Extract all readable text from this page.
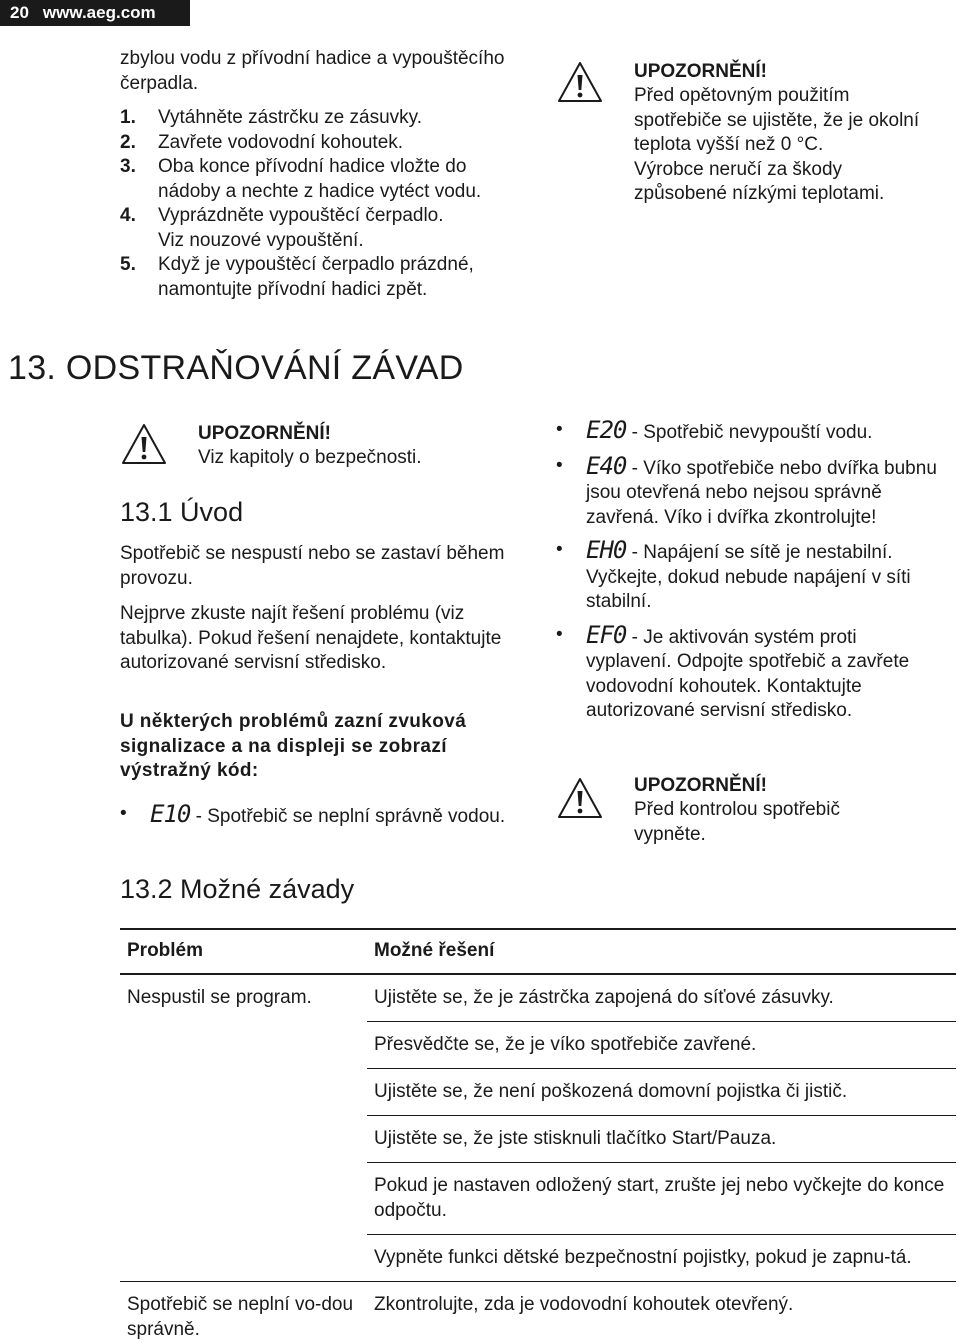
20 www.aeg.com
zbylou vodu z přívodní hadice a vypouštěcího čerpadla.
1. Vytáhněte zástrčku ze zásuvky.
2. Zavřete vodovodní kohoutek.
3. Oba konce přívodní hadice vložte do nádoby a nechte z hadice vytéct vodu.
4. Vyprázdněte vypouštěcí čerpadlo. Viz nouzové vypouštění.
5. Když je vypouštěcí čerpadlo prázdné, namontujte přívodní hadici zpět.
UPOZORNĚNÍ!
Před opětovným použitím spotřebiče se ujistěte, že je okolní teplota vyšší než 0 °C.
Výrobce neručí za škody způsobené nízkými teplotami.
13. ODSTRAŇOVÁNÍ ZÁVAD
UPOZORNĚNÍ!
Viz kapitoly o bezpečnosti.
13.1 Úvod
Spotřebič se nespustí nebo se zastaví během provozu.
Nejprve zkuste najít řešení problému (viz tabulka). Pokud řešení nenajdete, kontaktujte autorizované servisní středisko.
U některých problémů zazní zvuková signalizace a na displeji se zobrazí výstražný kód:
• E10 - Spotřebič se neplní správně vodou.
• E20 - Spotřebič nevypouští vodu.
• E40 - Víko spotřebiče nebo dvířka bubnu jsou otevřená nebo nejsou správně zavřená. Víko i dvířka zkontrolujte!
• EH0 - Napájení se sítě je nestabilní. Vyčkejte, dokud nebude napájení v síti stabilní.
• EF0 - Je aktivován systém proti vyplavení. Odpojte spotřebič a zavřete vodovodní kohoutek. Kontaktujte autorizované servisní středisko.
UPOZORNĚNÍ!
Před kontrolou spotřebič vypněte.
13.2 Možné závady
Problém	Možné řešení
Nespustil se program.	Ujistěte se, že je zástrčka zapojená do síťové zásuvky.
	Přesvědčte se, že je víko spotřebiče zavřené.
	Ujistěte se, že není poškozená domovní pojistka či jistič.
	Ujistěte se, že jste stisknuli tlačítko Start/Pauza.
	Pokud je nastaven odložený start, zrušte jej nebo vyčkejte do konce odpočtu.
	Vypněte funkci dětské bezpečnostní pojistky, pokud je zapnu-tá.
Spotřebič se neplní vo-dou správně.	Zkontrolujte, zda je vodovodní kohoutek otevřený.
